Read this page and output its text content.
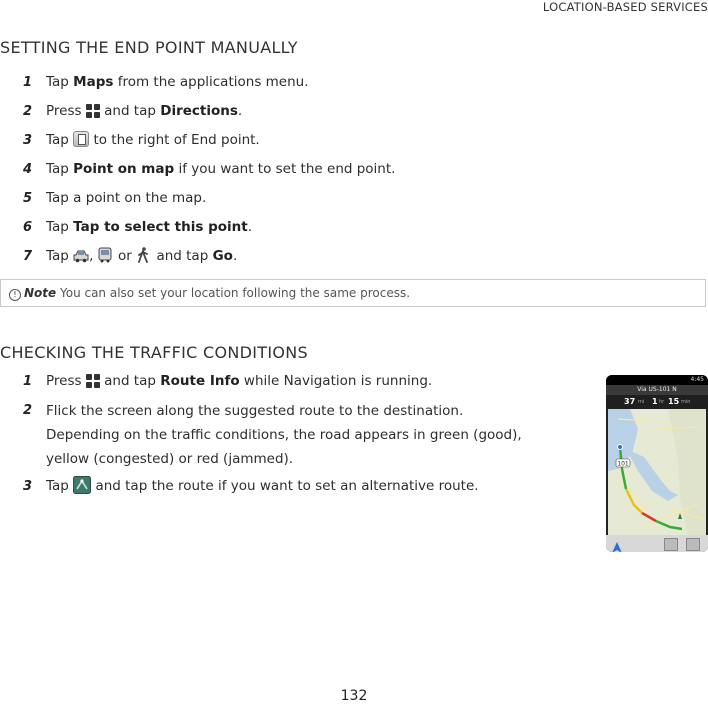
LOCATION-BASED SERVICES
SETTING THE END POINT MANUALLY
1 Tap Maps from the applications menu.
2 Press
and tap Directions.
3 Tap  to the right of End point.
4 Tap Point on map if you want to set the end point.
5 Tap a point on the map.
6 Tap Tap to select this point.
7 Tap ,  or  and tap Go.
! Note You can also set your location following the same process.
CHECKING THE TRAFFIC CONDITIONS
1 Press
and tap Route Info while Navigation is running.
2 Flick the screen along the suggested route to the destination.
Depending on the traffic conditions, the road appears in green (good),
yellow (congested) or red (jammed).
3 Tap  and tap the route if you want to set an alternative route.
4:45
Via US-101 N
37 mi 1 hr 15 min
101
132
